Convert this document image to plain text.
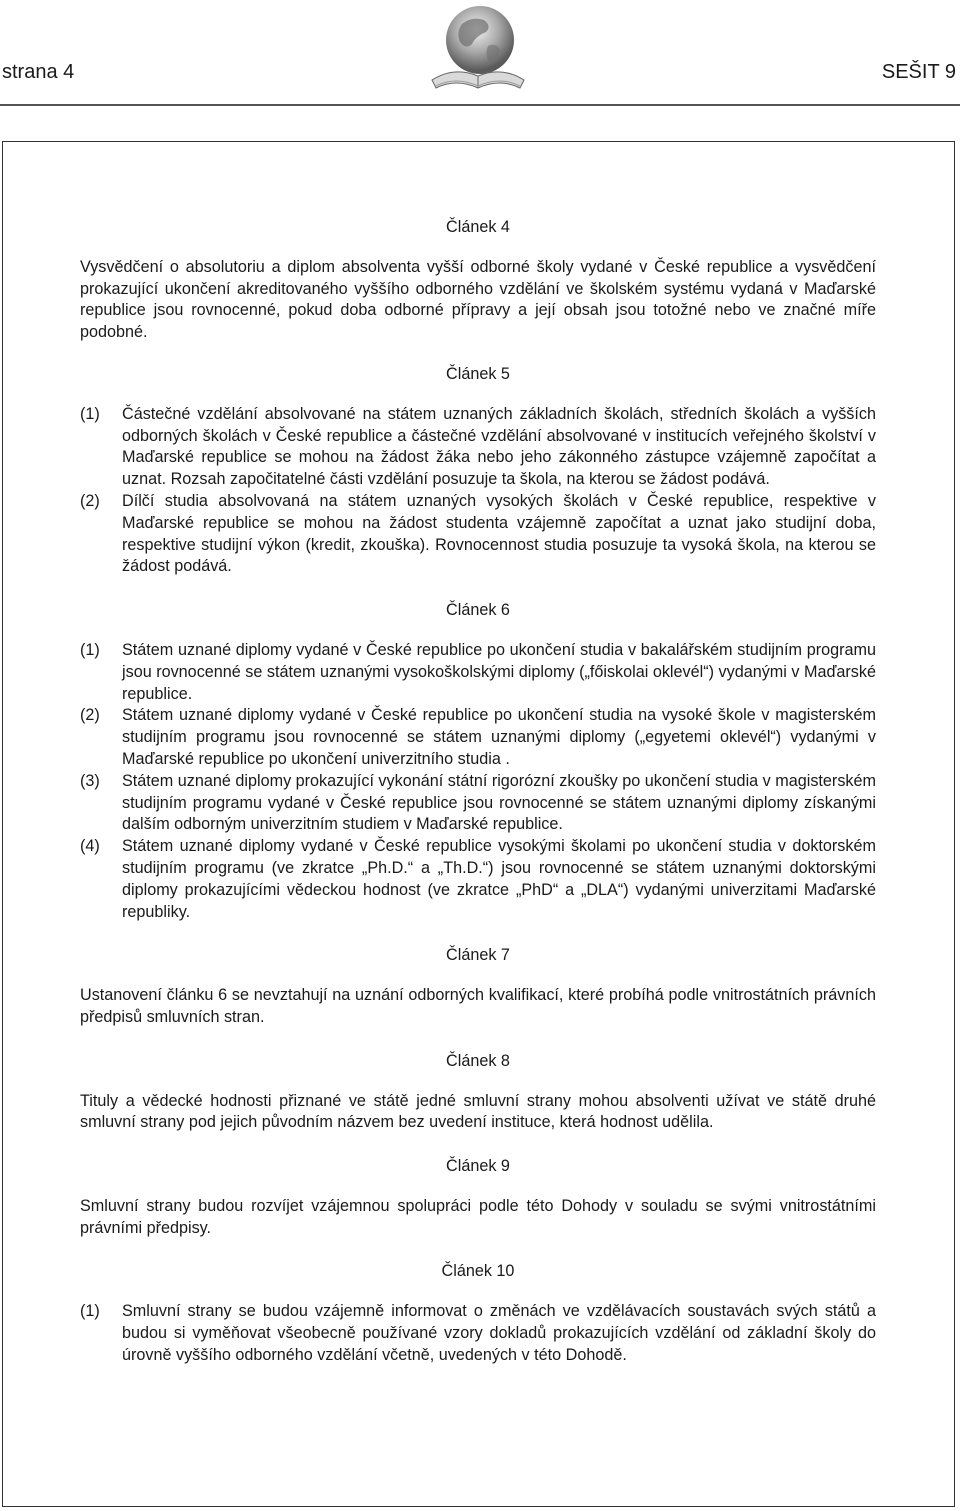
strana 4	SEŠIT 9
Článek 4

Vysvědčení o absolutoriu a diplom absolventa vyšší odborné školy vydané v České republice a vysvědčení prokazující ukončení akreditovaného vyššího odborného vzdělání ve školském systému vydaná v Maďarské republice jsou rovnocenné, pokud doba odborné přípravy a její obsah jsou totožné nebo ve značné míře podobné.

Článek 5
(1)	Částečné vzdělání absolvované na státem uznaných základních školách, středních školách a vyšších odborných školách v České republice a částečné vzdělání absolvované v institucích veřejného školství v Maďarské republice se mohou na žádost žáka nebo jeho zákonného zástupce vzájemně započítat a uznat. Rozsah započitatelné části vzdělání posuzuje ta škola, na kterou se žádost podává.
(2)	Dílčí studia absolvovaná na státem uznaných vysokých školách v České republice, respektive v Maďarské republice se mohou na žádost studenta vzájemně započítat a uznat jako studijní doba, respektive studijní výkon (kredit, zkouška). Rovnocennost studia posuzuje ta vysoká škola, na kterou se žádost podává.
Článek 6
(1)	Státem uznané diplomy vydané v České republice po ukončení studia v bakalářském studijním programu jsou rovnocenné se státem uznanými vysokoškolskými diplomy („főiskolai oklevél“) vydanými v Maďarské republice.
(2)	Státem uznané diplomy vydané v České republice po ukončení studia na vysoké škole v magisterském studijním programu jsou rovnocenné se státem uznanými diplomy („egyetemi oklevél“) vydanými v Maďarské republice po ukončení univerzitního studia .
(3)	Státem uznané diplomy prokazující vykonání státní rigorózní zkoušky po ukončení studia v magisterském studijním programu vydané v České republice jsou rovnocenné se státem uznanými diplomy získanými dalším odborným univerzitním studiem v Maďarské republice.
(4)	Státem uznané diplomy vydané v České republice vysokými školami po ukončení studia v doktorském studijním programu (ve zkratce „Ph.D.“ a „Th.D.“) jsou rovnocenné se státem uznanými doktorskými diplomy prokazujícími vědeckou hodnost (ve zkratce „PhD“ a „DLA“) vydanými univerzitami Maďarské republiky.
Článek 7

Ustanovení článku 6 se nevztahují na uznání odborných kvalifikací, které probíhá podle vnitrostátních právních předpisů smluvních stran.

Článek 8

Tituly a vědecké hodnosti přiznané ve státě jedné smluvní strany mohou absolventi užívat ve státě druhé smluvní strany pod jejich původním názvem bez uvedení instituce, která hodnost udělila.

Článek 9

Smluvní strany budou rozvíjet vzájemnou spolupráci podle této Dohody v souladu se svými vnitrostátními právními předpisy.

Článek 10
(1)	Smluvní strany se budou vzájemně informovat o změnách ve vzdělávacích soustavách svých států a budou si vyměňovat všeobecně používané vzory dokladů prokazujících vzdělání od základní školy do úrovně vyššího odborného vzdělání včetně, uvedených v této Dohodě.
